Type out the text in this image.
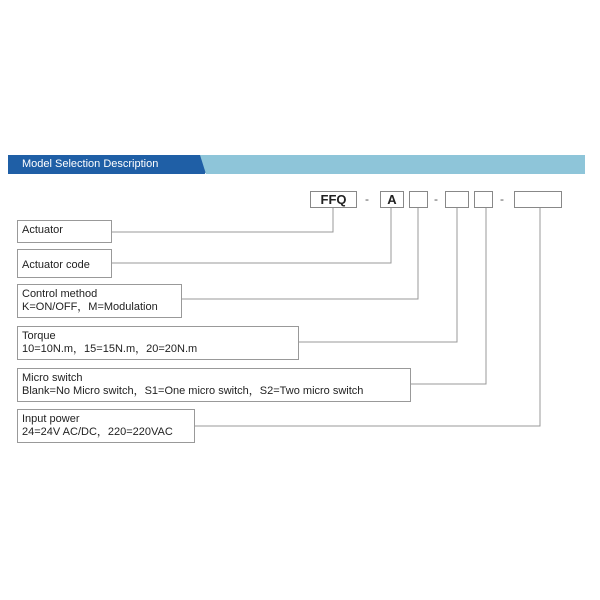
Model Selection Description
FFQ	-	A	-	-
Actuator
Actuator code
Control method
K=ON/OFF，M=Modulation
Torque
10=10N.m，15=15N.m，20=20N.m
Micro switch
Blank=No Micro switch，S1=One micro switch，S2=Two micro switch
Input power
24=24V AC/DC，220=220VAC
